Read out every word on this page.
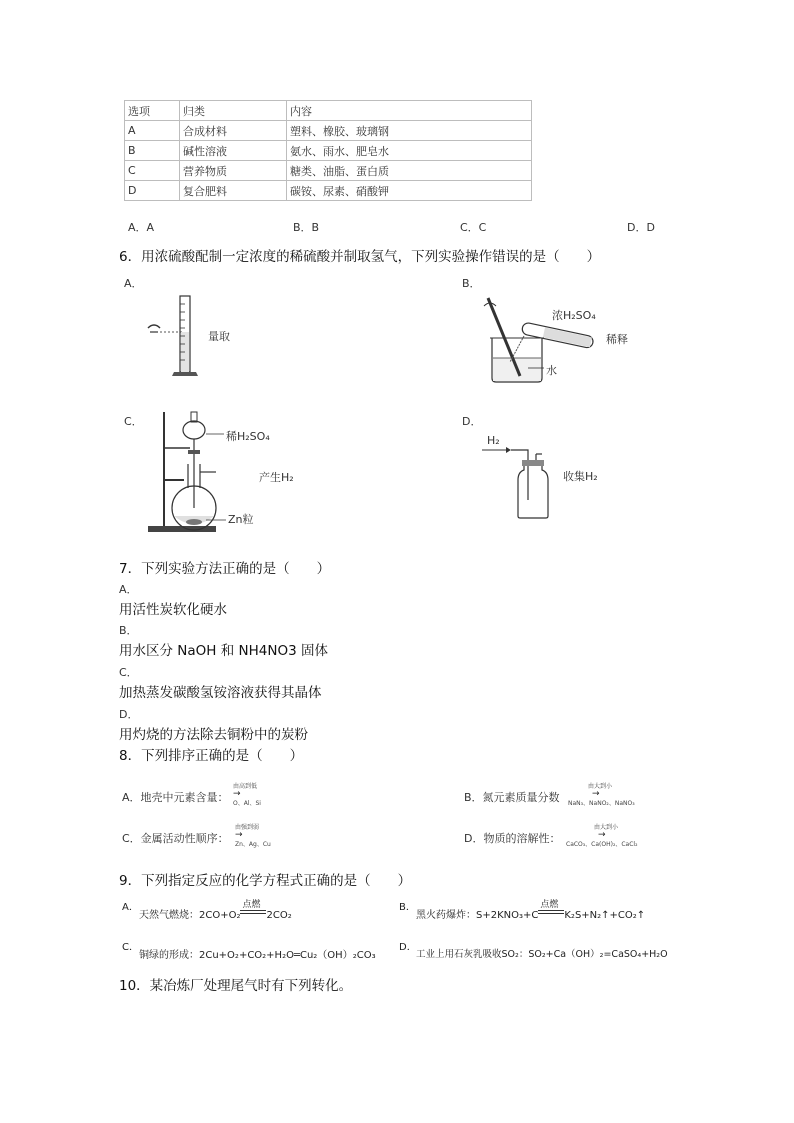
选项	归类	内容
A	合成材料	塑料、橡胶、玻璃钢
B	碱性溶液	氨水、雨水、肥皂水
C	营养物质	糖类、油脂、蛋白质
D	复合肥料	碳铵、尿素、硝酸钾
A．A	B．B	C．C	D．D
6．用浓硫酸配制一定浓度的稀硫酸并制取氢气，下列实验操作错误的是（　　）
A．
量取
B．
浓H₂SO₄
稀释
水
C．
稀H₂SO₄
Zn粒
产生H₂
D．
H₂
收集H₂
7．下列实验方法正确的是（　　）
A．
用活性炭软化硬水
B．
用水区分 NaOH 和 NH4NO3 固体
C．
加热蒸发碳酸氢铵溶液获得其晶体
D．
用灼烧的方法除去铜粉中的炭粉
8．下列排序正确的是（　　）
A．地壳中元素含量：
由高到低
→
O、Al、Si	B．氮元素质量分数
由大到小
→
NaN₃、NaNO₂、NaNO₃
C．金属活动性顺序：
由强到弱
→
Zn、Ag、Cu	D．物质的溶解性：
由大到小
→
CaCO₃、Ca(OH)₂、CaCl₂
9．下列指定反应的化学方程式正确的是（　　）
A．
天然气燃烧：2CO+O₂
点燃
2CO₂
B．
黑火药爆炸：S+2KNO₃+C
点燃
K₂S+N₂↑+CO₂↑
C．
铜绿的形成：2Cu+O₂+CO₂+H₂O═Cu₂（OH）₂CO₃
D．
工业上用石灰乳吸收SO₂：SO₂+Ca（OH）₂=CaSO₄+H₂O
10．某冶炼厂处理尾气时有下列转化。
